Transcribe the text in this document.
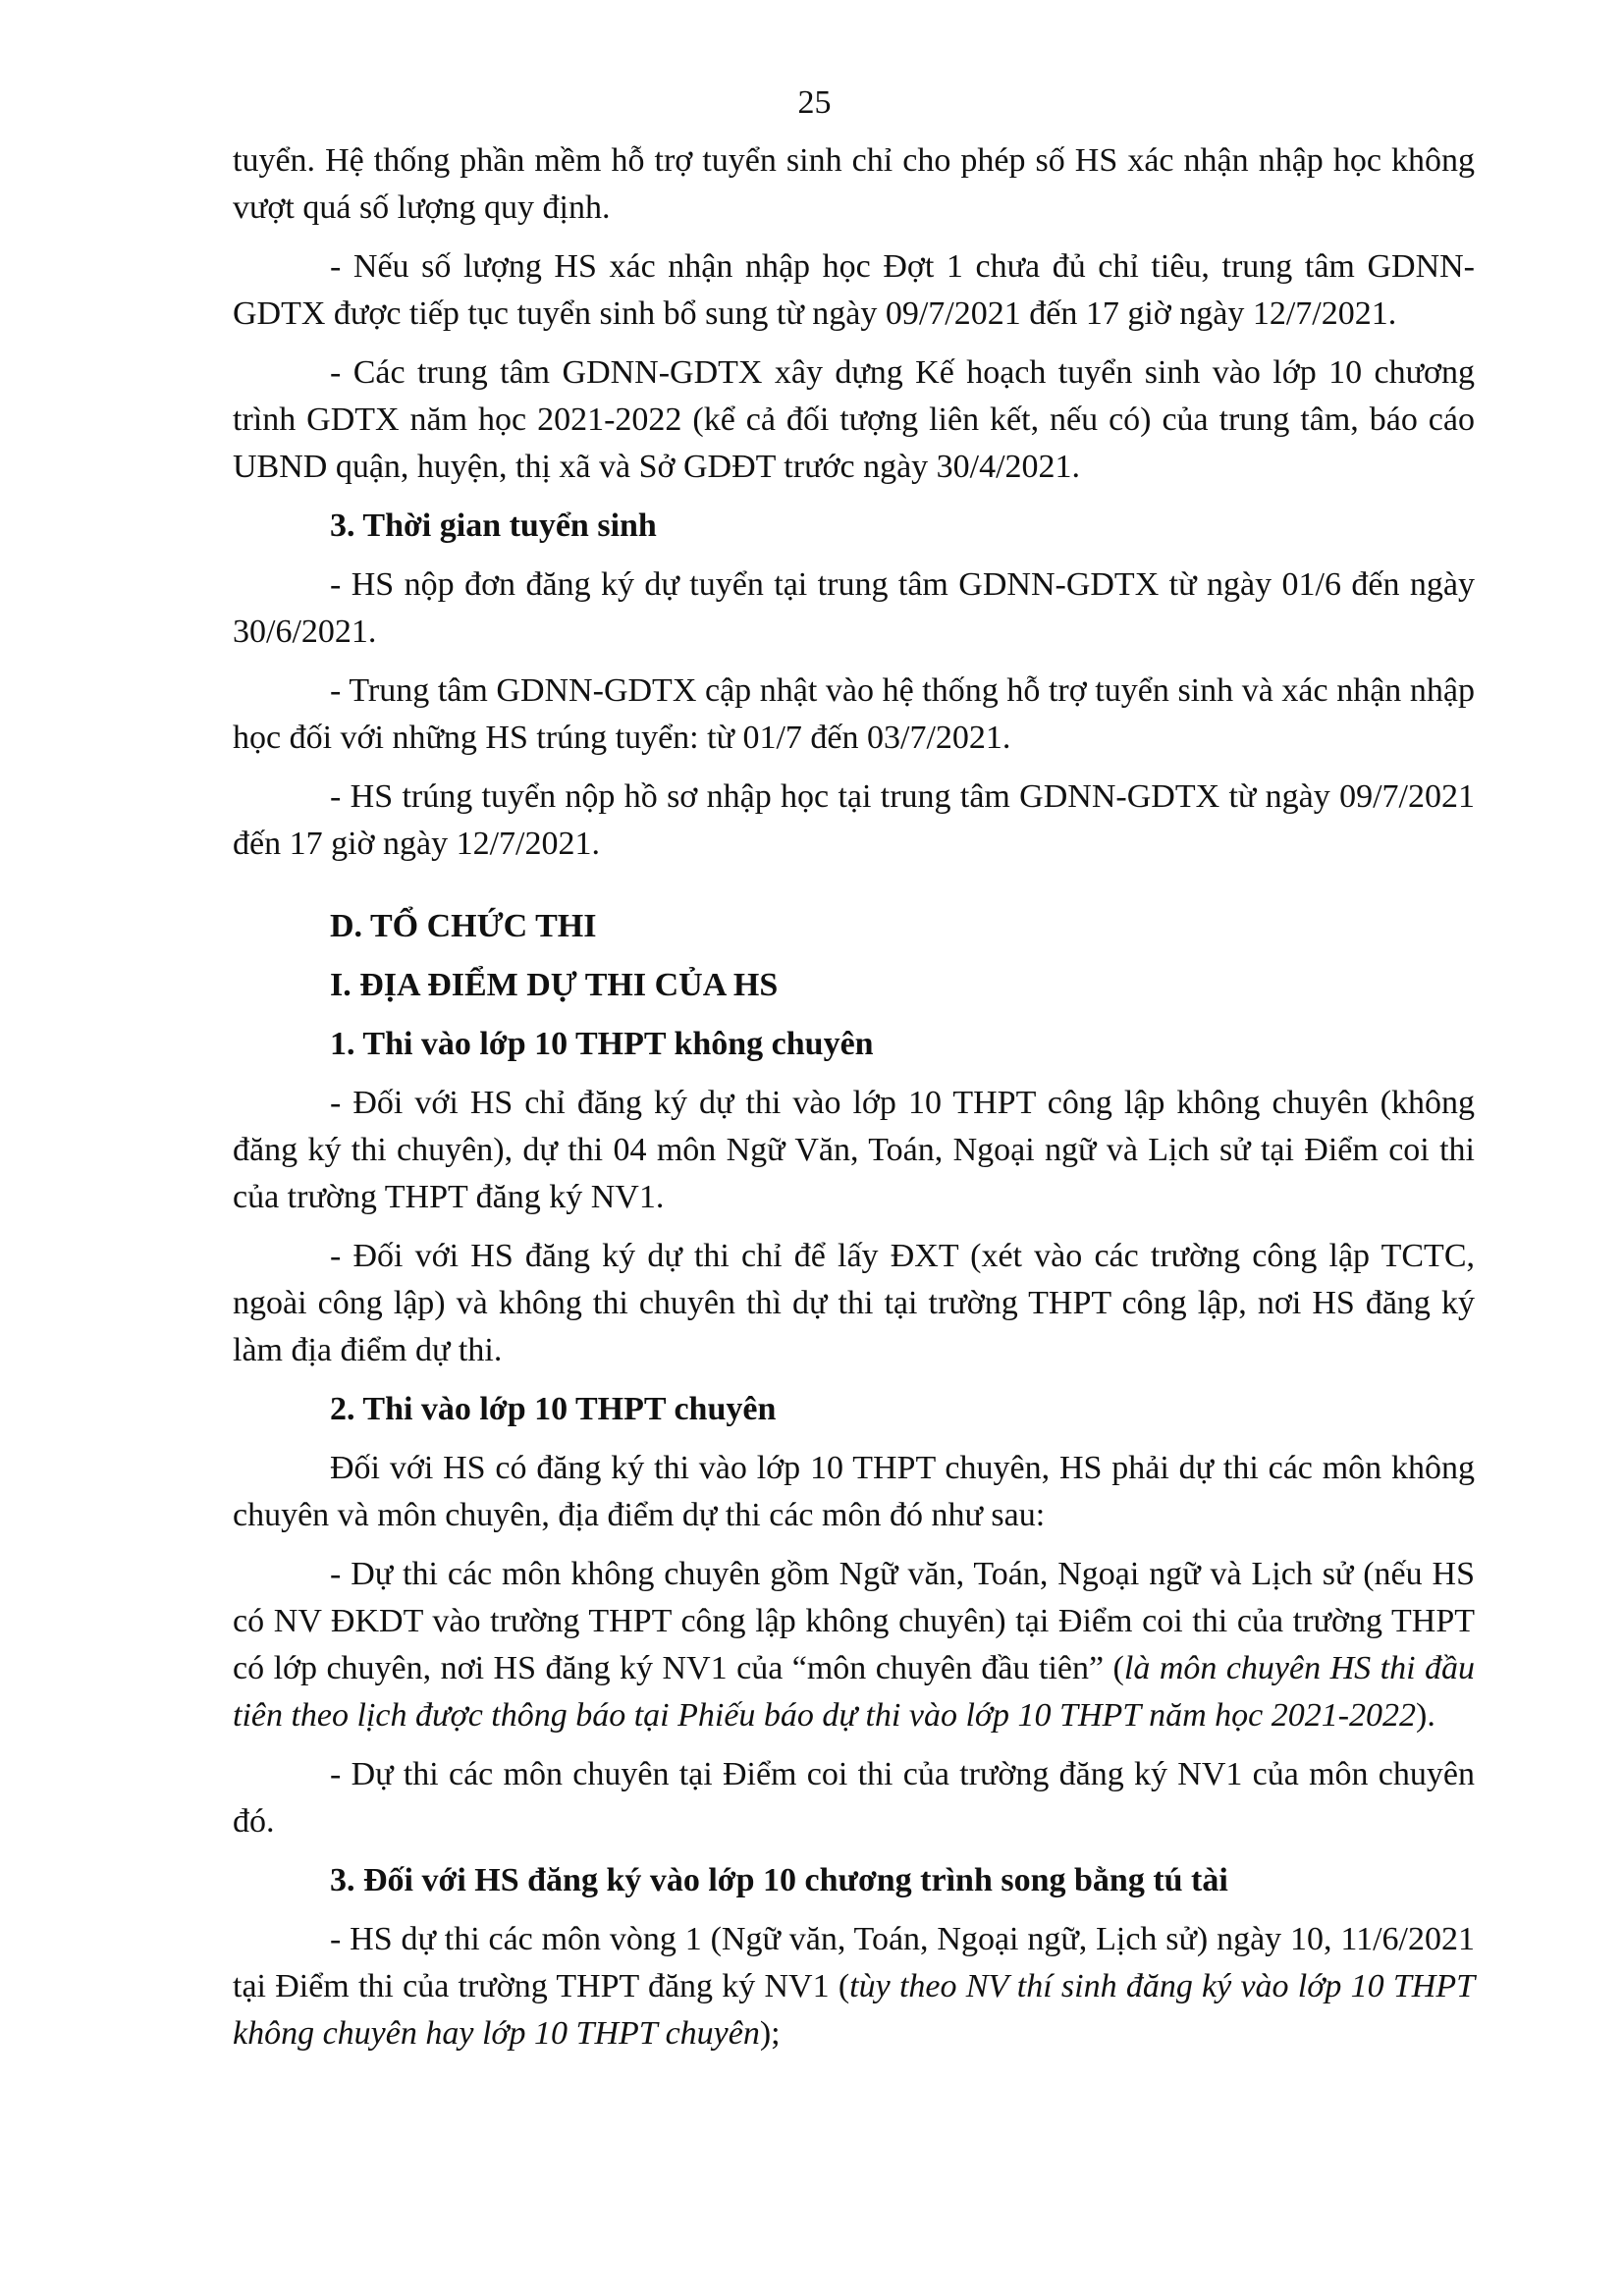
25

tuyển. Hệ thống phần mềm hỗ trợ tuyển sinh chỉ cho phép số HS xác nhận nhập học không vượt quá số lượng quy định.

- Nếu số lượng HS xác nhận nhập học Đợt 1 chưa đủ chỉ tiêu, trung tâm GDNN-GDTX được tiếp tục tuyển sinh bổ sung từ ngày 09/7/2021 đến 17 giờ ngày 12/7/2021.

- Các trung tâm GDNN-GDTX xây dựng Kế hoạch tuyển sinh vào lớp 10 chương trình GDTX năm học 2021-2022 (kể cả đối tượng liên kết, nếu có) của trung tâm, báo cáo UBND quận, huyện, thị xã và Sở GDĐT trước ngày 30/4/2021.

3. Thời gian tuyển sinh

- HS nộp đơn đăng ký dự tuyển tại trung tâm GDNN-GDTX từ ngày 01/6 đến ngày 30/6/2021.

- Trung tâm GDNN-GDTX cập nhật vào hệ thống hỗ trợ tuyển sinh và xác nhận nhập học đối với những HS trúng tuyển: từ 01/7 đến 03/7/2021.

- HS trúng tuyển nộp hồ sơ nhập học tại trung tâm GDNN-GDTX từ ngày 09/7/2021 đến 17 giờ ngày 12/7/2021.

D. TỔ CHỨC THI
I. ĐỊA ĐIỂM DỰ THI CỦA HS
1. Thi vào lớp 10 THPT không chuyên

- Đối với HS chỉ đăng ký dự thi vào lớp 10 THPT công lập không chuyên (không đăng ký thi chuyên), dự thi 04 môn Ngữ Văn, Toán, Ngoại ngữ và Lịch sử tại Điểm coi thi của trường THPT đăng ký NV1.

- Đối với HS đăng ký dự thi chỉ để lấy ĐXT (xét vào các trường công lập TCTC, ngoài công lập) và không thi chuyên thì dự thi tại trường THPT công lập, nơi HS đăng ký làm địa điểm dự thi.

2. Thi vào lớp 10 THPT chuyên

Đối với HS có đăng ký thi vào lớp 10 THPT chuyên, HS phải dự thi các môn không chuyên và môn chuyên, địa điểm dự thi các môn đó như sau:

- Dự thi các môn không chuyên gồm Ngữ văn, Toán, Ngoại ngữ và Lịch sử (nếu HS có NV ĐKDT vào trường THPT công lập không chuyên) tại Điểm coi thi của trường THPT có lớp chuyên, nơi HS đăng ký NV1 của “môn chuyên đầu tiên” (là môn chuyên HS thi đầu tiên theo lịch được thông báo tại Phiếu báo dự thi vào lớp 10 THPT năm học 2021-2022).

- Dự thi các môn chuyên tại Điểm coi thi của trường đăng ký NV1 của môn chuyên đó.

3. Đối với HS đăng ký vào lớp 10 chương trình song bằng tú tài

- HS dự thi các môn vòng 1 (Ngữ văn, Toán, Ngoại ngữ, Lịch sử) ngày 10, 11/6/2021 tại Điểm thi của trường THPT đăng ký NV1 (tùy theo NV thí sinh đăng ký vào lớp 10 THPT không chuyên hay lớp 10 THPT chuyên);
